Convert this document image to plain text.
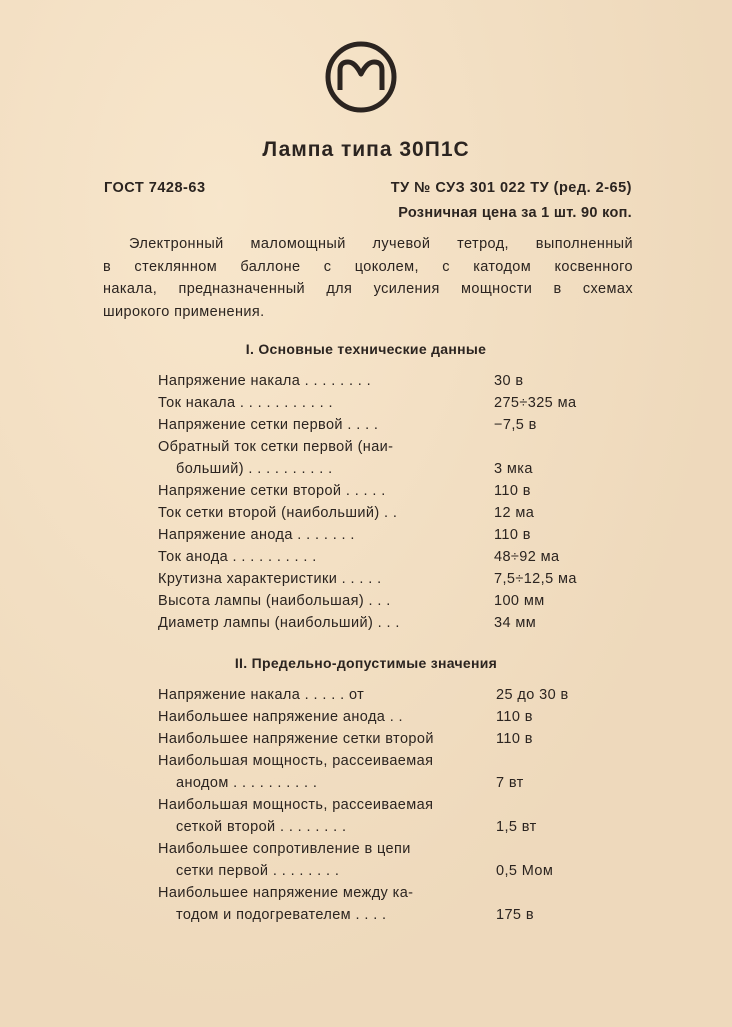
Лампа типа 30П1С
ГОСТ 7428-63	ТУ № СУЗ 301 022 ТУ (ред. 2-65)
Розничная цена за 1 шт. 90 коп.
Электронный маломощный лучевой тетрод, выполненный
в стеклянном баллоне с цоколем, с катодом косвенного
накала, предназначенный для усиления мощности в схемах
широкого применения.
I. Основные технические данные
Напряжение накала . . . . . . . .	30 в
Ток накала . . . . . . . . . . .	275÷325 ма
Напряжение сетки первой . . . .	−7,5 в
Обратный ток сетки первой (наи-
больший) . . . . . . . . . .	3 мка
Напряжение сетки второй . . . . .	110 в
Ток сетки второй (наибольший) . .	12 ма
Напряжение анода . . . . . . .	110 в
Ток анода . . . . . . . . . .	48÷92 ма
Крутизна характеристики . . . . .	7,5÷12,5 ма
Высота лампы (наибольшая) . . .	100 мм
Диаметр лампы (наибольший) . . .	34 мм
II. Предельно-допустимые значения
Напряжение накала . . . . . от	25 до 30 в
Наибольшее напряжение анода . .	110 в
Наибольшее напряжение сетки второй	110 в
Наибольшая мощность, рассеиваемая
анодом . . . . . . . . . .	7 вт
Наибольшая мощность, рассеиваемая
сеткой второй . . . . . . . .	1,5 вт
Наибольшее сопротивление в цепи
сетки первой . . . . . . . .	0,5 Мом
Наибольшее напряжение между ка-
тодом и подогревателем . . . .	175 в
